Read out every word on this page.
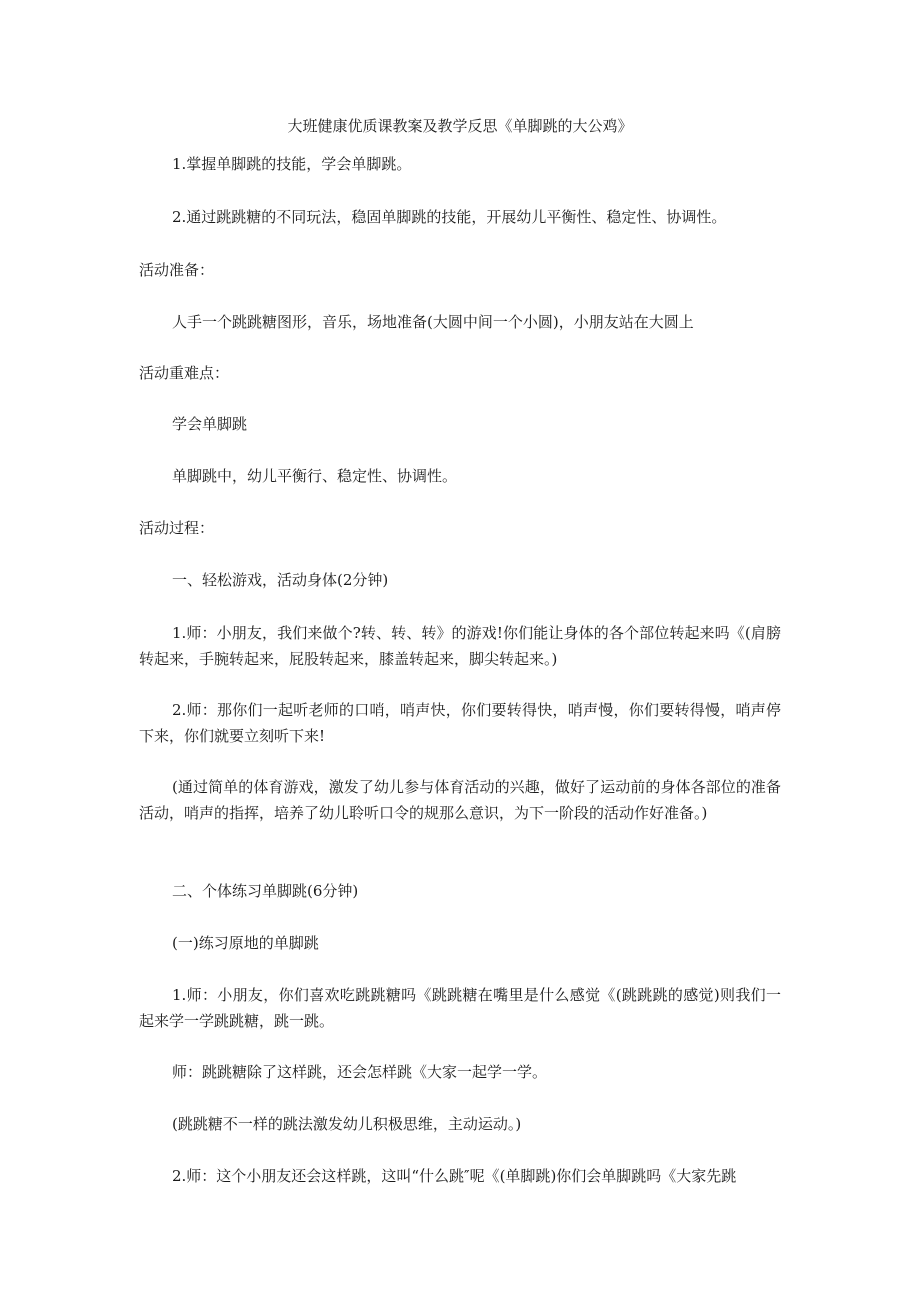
大班健康优质课教案及教学反思《单脚跳的大公鸡》
1.掌握单脚跳的技能，学会单脚跳。
2.通过跳跳糖的不同玩法，稳固单脚跳的技能，开展幼儿平衡性、稳定性、协调性。
活动准备：
人手一个跳跳糖图形，音乐，场地准备(大圆中间一个小圆)，小朋友站在大圆上
活动重难点：
学会单脚跳
单脚跳中，幼儿平衡行、稳定性、协调性。
活动过程：
一、轻松游戏，活动身体(2分钟)
1.师：小朋友，我们来做个?转、转、转》的游戏!你们能让身体的各个部位转起来吗《(肩膀转起来，手腕转起来，屁股转起来，膝盖转起来，脚尖转起来。)
2.师：那你们一起听老师的口哨，哨声快，你们要转得快，哨声慢，你们要转得慢，哨声停下来，你们就要立刻听下来!
(通过简单的体育游戏，激发了幼儿参与体育活动的兴趣，做好了运动前的身体各部位的准备活动，哨声的指挥，培养了幼儿聆听口令的规那么意识，为下一阶段的活动作好准备。)
二、个体练习单脚跳(6分钟)
(一)练习原地的单脚跳
1.师：小朋友，你们喜欢吃跳跳糖吗《跳跳糖在嘴里是什么感觉《(跳跳跳的感觉)则我们一起来学一学跳跳糖，跳一跳。
师：跳跳糖除了这样跳，还会怎样跳《大家一起学一学。
(跳跳糖不一样的跳法激发幼儿积极思维，主动运动。)
2.师：这个小朋友还会这样跳，这叫“什么跳″呢《(单脚跳)你们会单脚跳吗《大家先跳
